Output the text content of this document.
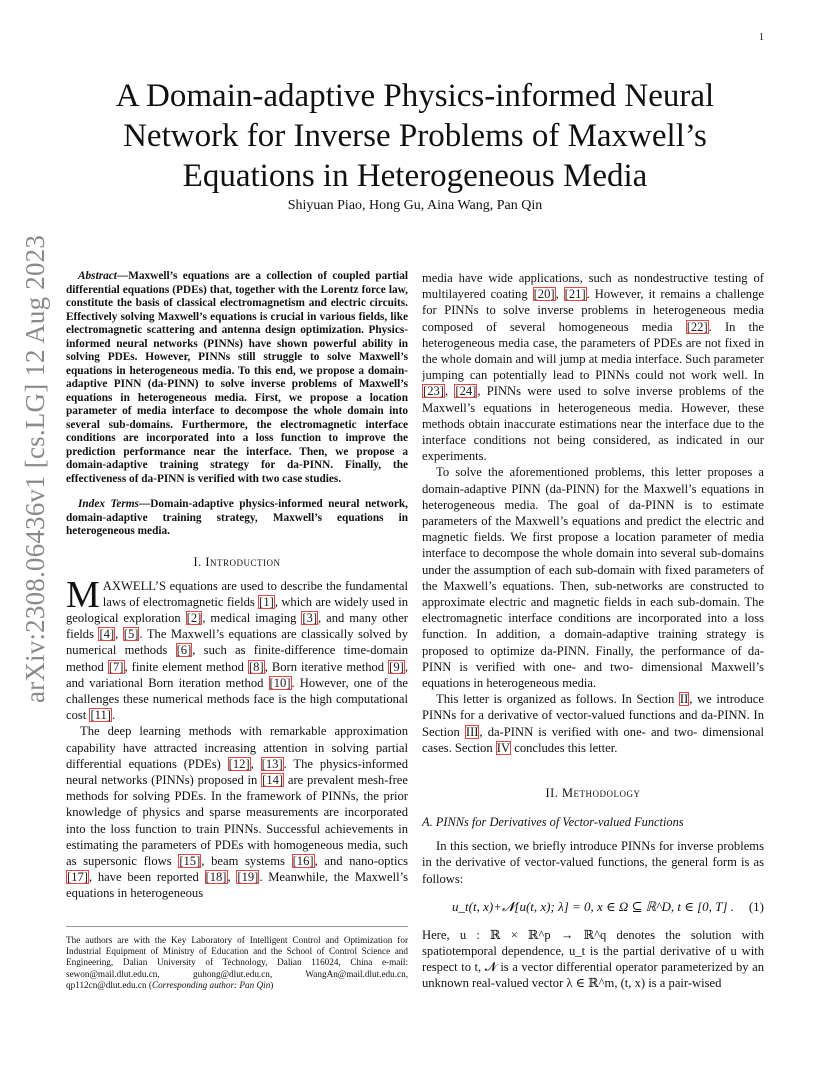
1
arXiv:2308.06436v1 [cs.LG] 12 Aug 2023
A Domain-adaptive Physics-informed Neural Network for Inverse Problems of Maxwell’s Equations in Heterogeneous Media
Shiyuan Piao, Hong Gu, Aina Wang, Pan Qin

Abstract—Maxwell’s equations are a collection of coupled partial differential equations (PDEs) that, together with the Lorentz force law, constitute the basis of classical electromagnetism and electric circuits. Effectively solving Maxwell’s equations is crucial in various fields, like electromagnetic scattering and antenna design optimization. Physics-informed neural networks (PINNs) have shown powerful ability in solving PDEs. However, PINNs still struggle to solve Maxwell’s equations in heterogeneous media. To this end, we propose a domain-adaptive PINN (da-PINN) to solve inverse problems of Maxwell’s equations in heterogeneous media. First, we propose a location parameter of media interface to decompose the whole domain into several sub-domains. Furthermore, the electromagnetic interface conditions are incorporated into a loss function to improve the prediction performance near the interface. Then, we propose a domain-adaptive training strategy for da-PINN. Finally, the effectiveness of da-PINN is verified with two case studies.

Index Terms—Domain-adaptive physics-informed neural network, domain-adaptive training strategy, Maxwell’s equations in heterogeneous media.

I. Introduction

MAXWELL’S equations are used to describe the fundamental laws of electromagnetic fields [1], which are widely used in geological exploration [2], medical imaging [3], and many other fields [4], [5]. The Maxwell’s equations are classically solved by numerical methods [6], such as finite-difference time-domain method [7], finite element method [8], Born iterative method [9], and variational Born iteration method [10]. However, one of the challenges these numerical methods face is the high computational cost [11].

The deep learning methods with remarkable approximation capability have attracted increasing attention in solving partial differential equations (PDEs) [12], [13]. The physics-informed neural networks (PINNs) proposed in [14] are prevalent mesh-free methods for solving PDEs. In the framework of PINNs, the prior knowledge of physics and sparse measurements are incorporated into the loss function to train PINNs. Successful achievements in estimating the parameters of PDEs with homogeneous media, such as supersonic flows [15], beam systems [16], and nano-optics [17], have been reported [18], [19]. Meanwhile, the Maxwell’s equations in heterogeneous

The authors are with the Key Laboratory of Intelligent Control and Optimization for Industrial Equipment of Ministry of Education and the School of Control Science and Engineering, Dalian University of Technology, Dalian 116024, China e-mail: sewon@mail.dlut.edu.cn, guhong@dlut.edu.cn, WangAn@mail.dlut.edu.cn, qp112cn@dlut.edu.cn (Corresponding author: Pan Qin)

media have wide applications, such as nondestructive testing of multilayered coating [20], [21]. However, it remains a challenge for PINNs to solve inverse problems in heterogeneous media composed of several homogeneous media [22]. In the heterogeneous media case, the parameters of PDEs are not fixed in the whole domain and will jump at media interface. Such parameter jumping can potentially lead to PINNs could not work well. In [23], [24], PINNs were used to solve inverse problems of the Maxwell’s equations in heterogeneous media. However, these methods obtain inaccurate estimations near the interface due to the interface conditions not being considered, as indicated in our experiments.

To solve the aforementioned problems, this letter proposes a domain-adaptive PINN (da-PINN) for the Maxwell’s equations in heterogeneous media. The goal of da-PINN is to estimate parameters of the Maxwell’s equations and predict the electric and magnetic fields. We first propose a location parameter of media interface to decompose the whole domain into several sub-domains under the assumption of each sub-domain with fixed parameters of the Maxwell’s equations. Then, sub-networks are constructed to approximate electric and magnetic fields in each sub-domain. The electromagnetic interface conditions are incorporated into a loss function. In addition, a domain-adaptive training strategy is proposed to optimize da-PINN. Finally, the performance of da-PINN is verified with one- and two- dimensional Maxwell’s equations in heterogeneous media.

This letter is organized as follows. In Section II, we introduce PINNs for a derivative of vector-valued functions and da-PINN. In Section III, da-PINN is verified with one- and two- dimensional cases. Section IV concludes this letter.

II. Methodology
A. PINNs for Derivatives of Vector-valued Functions

In this section, we briefly introduce PINNs for inverse problems in the derivative of vector-valued functions, the general form is as follows:

u_t(t, x)+𝓝[u(t, x); λ] = 0, x ∈ Ω ⊆ ℝ^D, t ∈ [0, T] . (1)

Here, u : ℝ × ℝ^p → ℝ^q denotes the solution with spatiotemporal dependence, u_t is the partial derivative of u with respect to t, 𝓝 is a vector differential operator parameterized by an unknown real-valued vector λ ∈ ℝ^m, (t, x) is a pair-wised
